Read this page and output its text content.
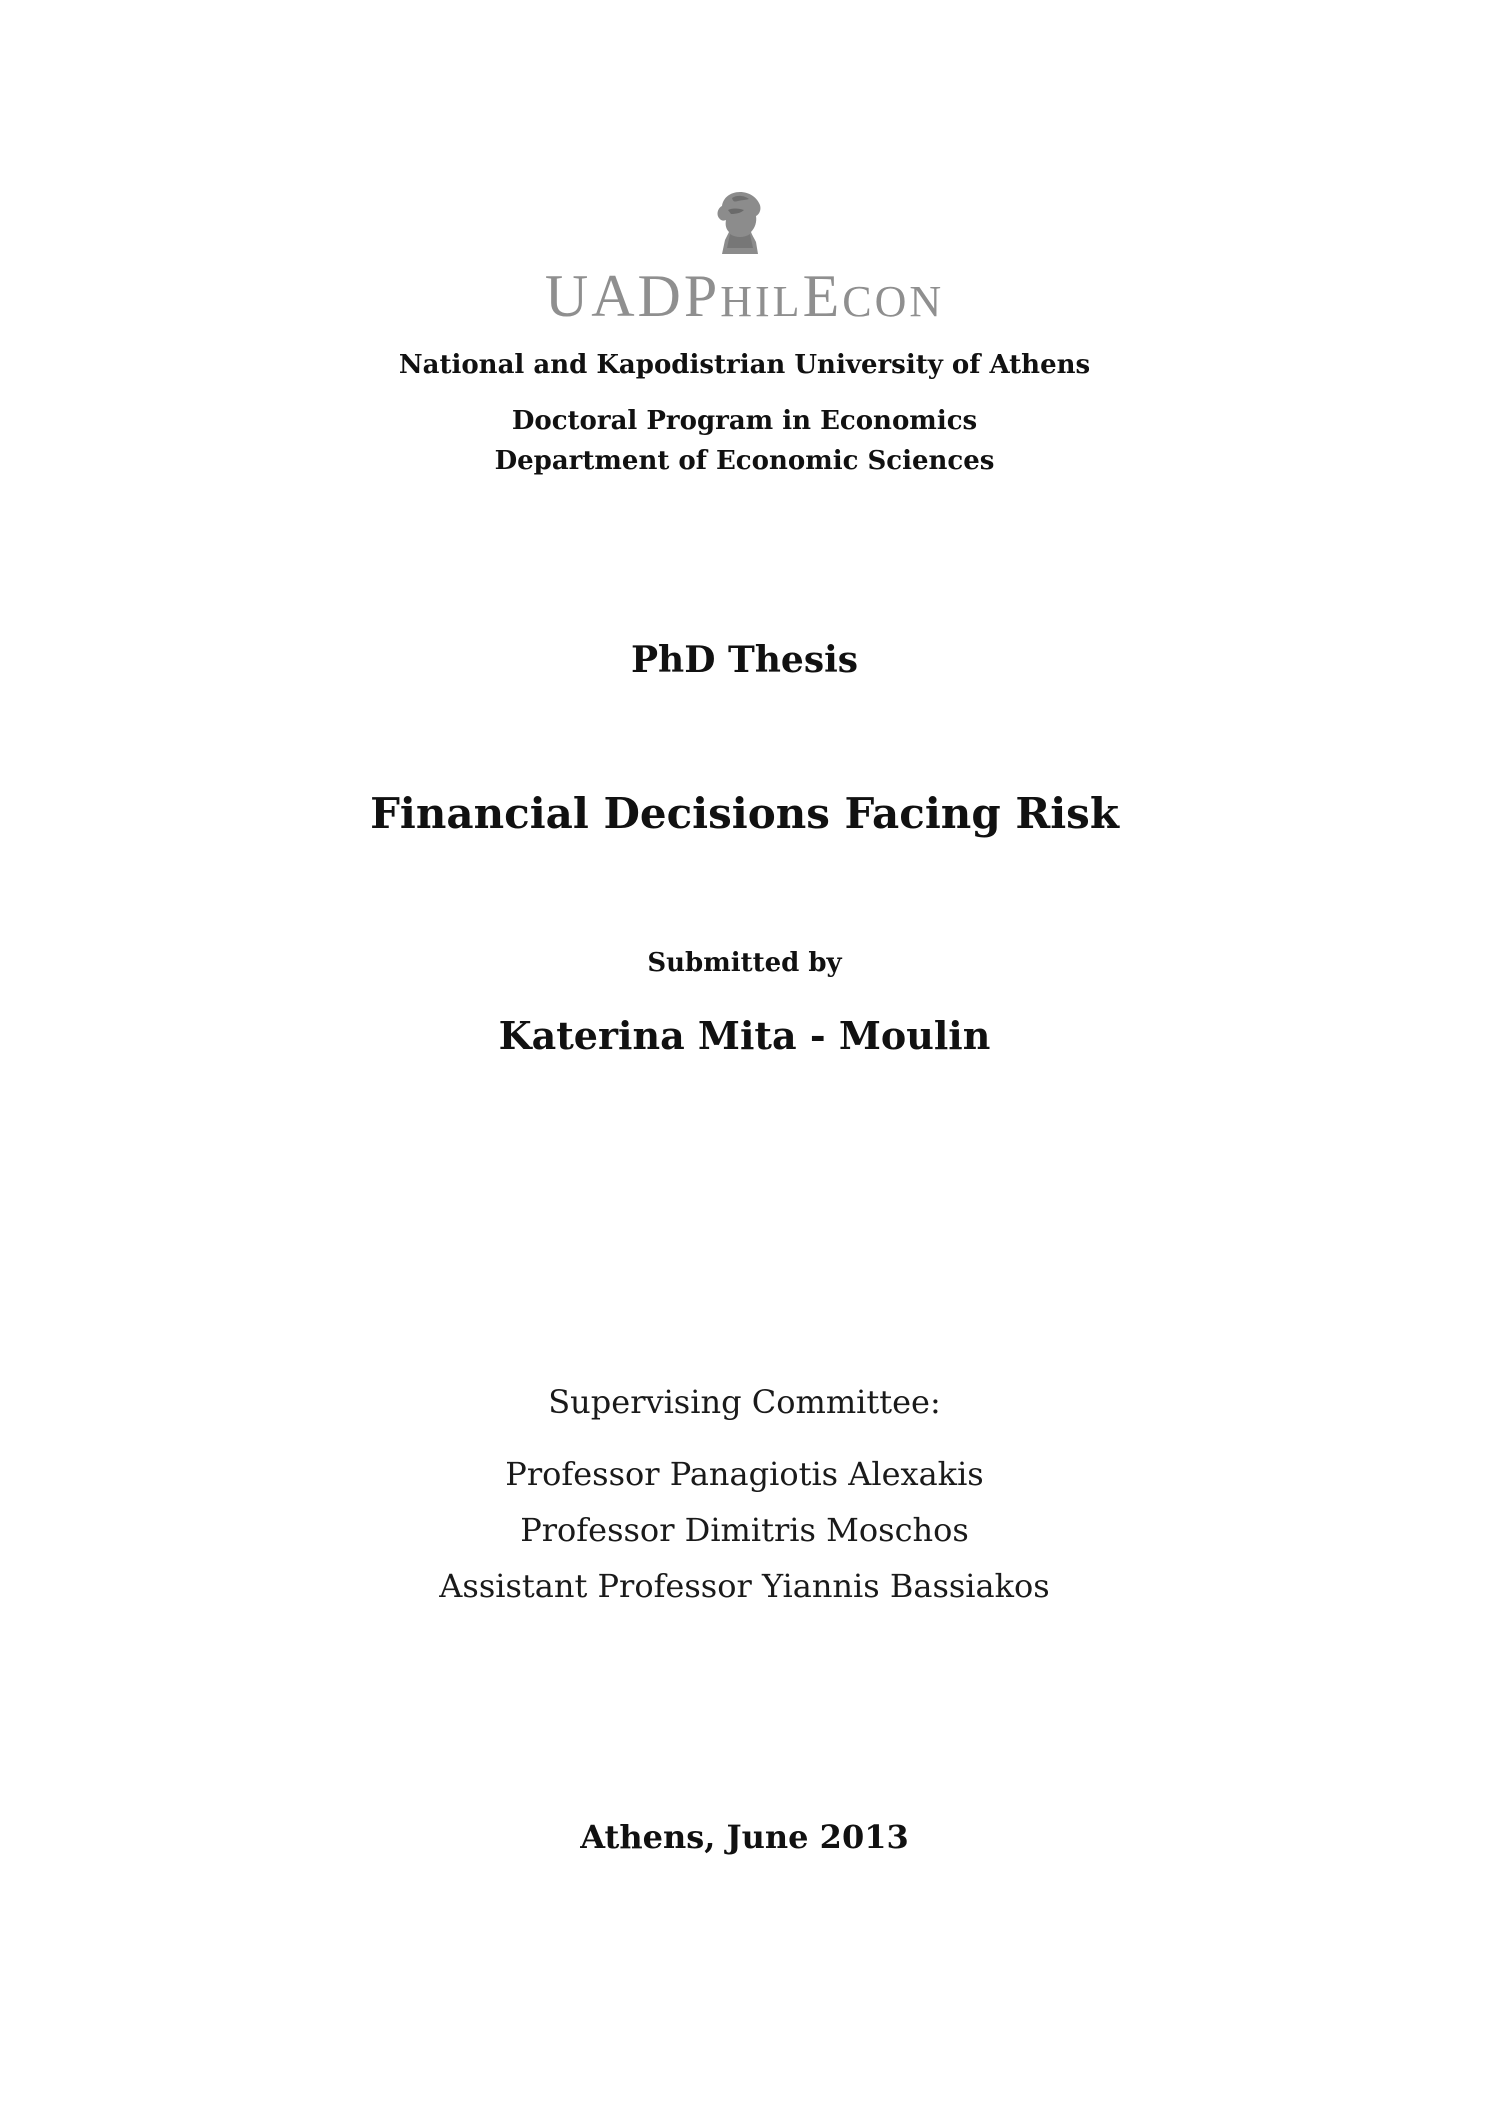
UADPHILECON
National and Kapodistrian University of Athens
Doctoral Program in Economics
Department of Economic Sciences
PhD Thesis
Financial Decisions Facing Risk
Submitted by
Katerina Mita - Moulin
Supervising Committee:
Professor Panagiotis Alexakis
Professor Dimitris Moschos
Assistant Professor Yiannis Bassiakos
Athens, June 2013
